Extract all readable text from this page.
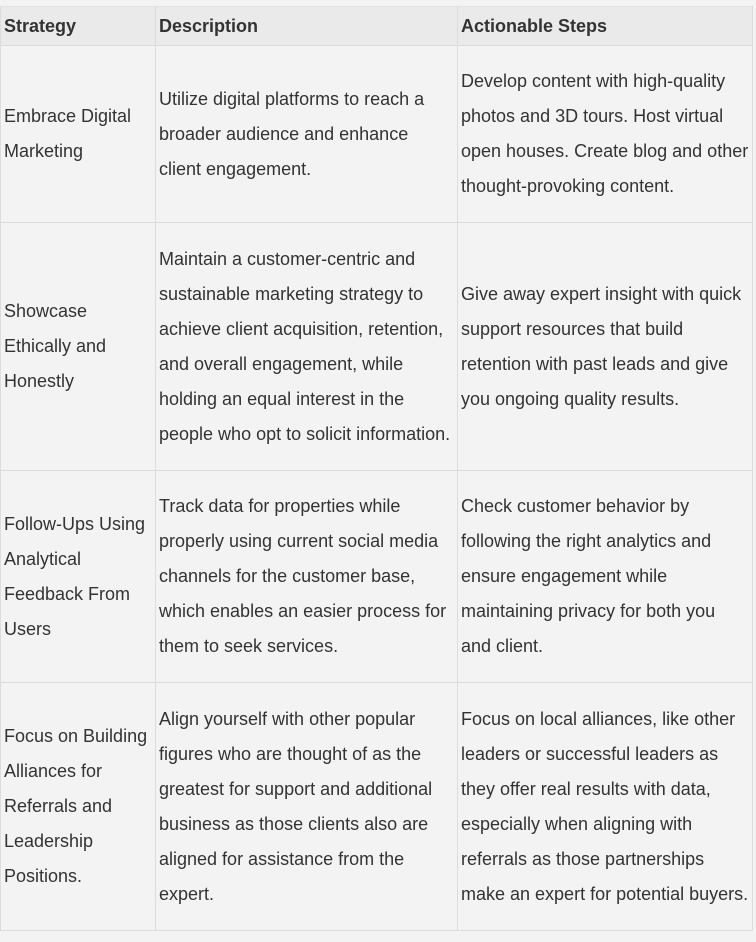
Strategy	Description	Actionable Steps
Embrace Digital Marketing	Utilize digital platforms to reach a broader audience and enhance client engagement.	Develop content with high-quality photos and 3D tours. Host virtual open houses. Create blog and other thought-provoking content.
Showcase Ethically and Honestly	Maintain a customer-centric and sustainable marketing strategy to achieve client acquisition, retention, and overall engagement, while holding an equal interest in the people who opt to solicit information.	Give away expert insight with quick support resources that build retention with past leads and give you ongoing quality results.
Follow-Ups Using Analytical Feedback From Users	Track data for properties while properly using current social media channels for the customer base, which enables an easier process for them to seek services.	Check customer behavior by following the right analytics and ensure engagement while maintaining privacy for both you and client.
Focus on Building Alliances for Referrals and Leadership Positions.	Align yourself with other popular figures who are thought of as the greatest for support and additional business as those clients also are aligned for assistance from the expert.	Focus on local alliances, like other leaders or successful leaders as they offer real results with data, especially when aligning with referrals as those partnerships make an expert for potential buyers.
